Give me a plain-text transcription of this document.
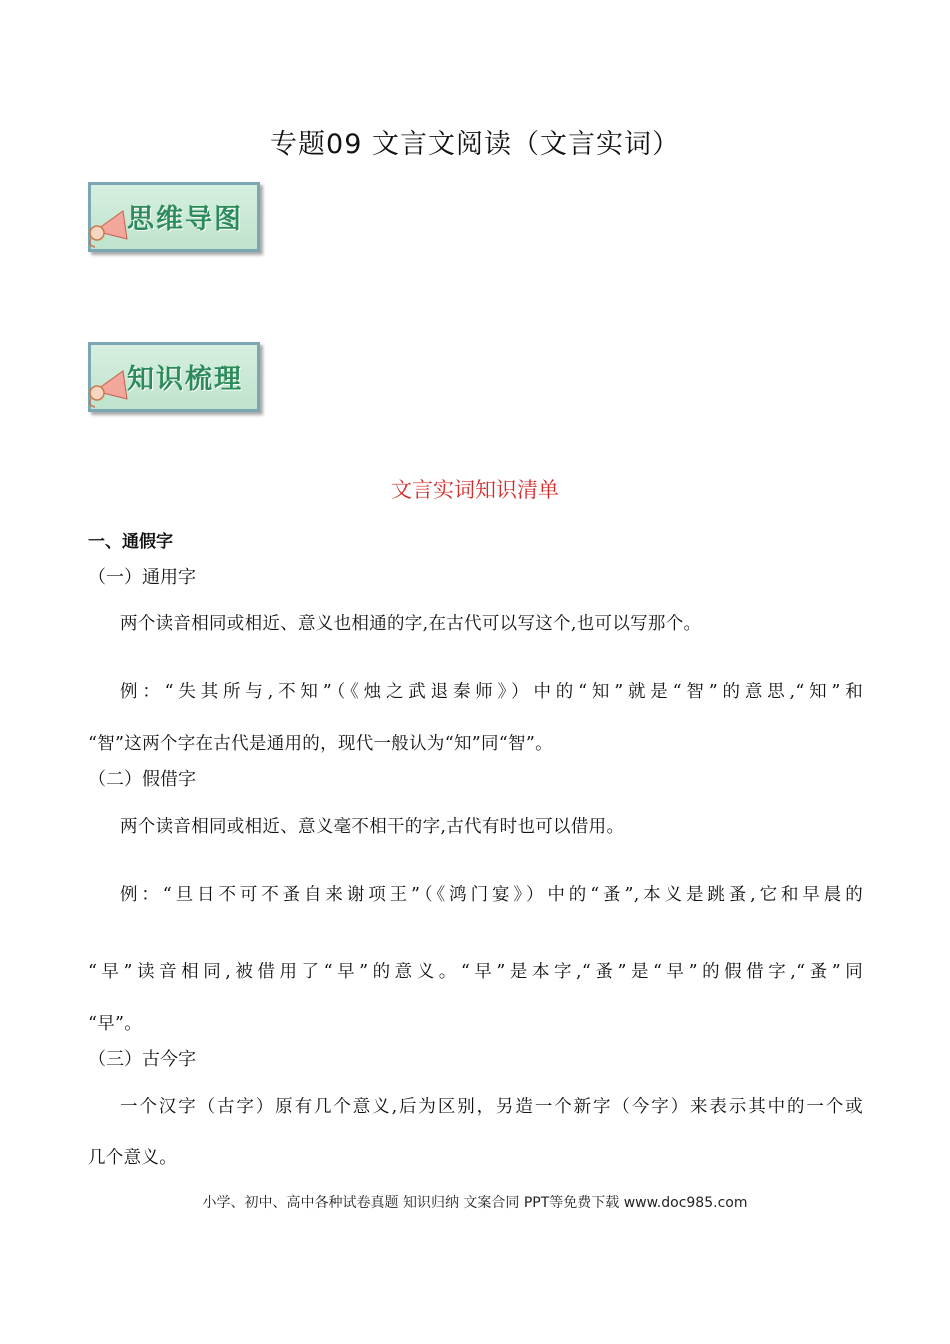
专题09 文言文阅读（文言实词）
思维导图
知识梳理
文言实词知识清单
一、通假字
（一）通用字
两个读音相同或相近、意义也相通的字,在古代可以写这个,也可以写那个。
例：“失其所与,不知”（《烛之武退秦师》）中的“知”就是“智”的意思,“知”和
“智”这两个字在古代是通用的，现代一般认为“知”同“智”。
（二）假借字
两个读音相同或相近、意义毫不相干的字,古代有时也可以借用。
例：“旦日不可不蚤自来谢项王”（《鸿门宴》）中的“蚤”,本义是跳蚤,它和早晨的
“早”读音相同,被借用了“早”的意义。“早”是本字,“蚤”是“早”的假借字,“蚤”同
“早”。
（三）古今字
一个汉字（古字）原有几个意义,后为区别，另造一个新字（今字）来表示其中的一个或
几个意义。
小学、初中、高中各种试卷真题 知识归纳 文案合同 PPT等免费下载 www.doc985.com
